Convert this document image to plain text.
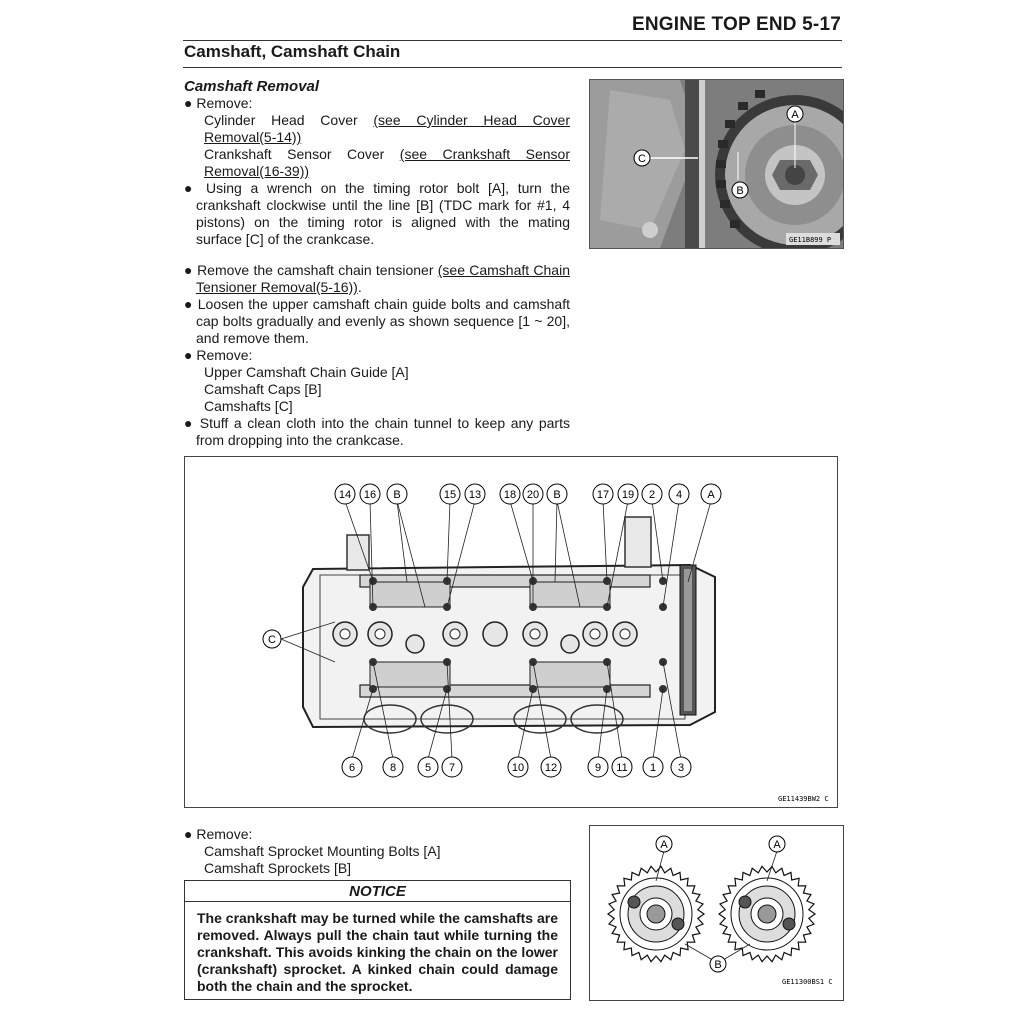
ENGINE TOP END 5-17
Camshaft, Camshaft Chain
Camshaft Removal

● Remove:

Cylinder Head Cover (see Cylinder Head Cover Removal(5-14))

Crankshaft Sensor Cover (see Crankshaft Sensor Removal(16-39))

● Using a wrench on the timing rotor bolt [A], turn the crankshaft clockwise until the line [B] (TDC mark for #1, 4 pistons) on the timing rotor is aligned with the mating surface [C] of the crankcase.

● Remove the camshaft chain tensioner (see Camshaft Chain Tensioner Removal(5-16)).

● Loosen the upper camshaft chain guide bolts and camshaft cap bolts gradually and evenly as shown sequence [1 ~ 20], and remove them.

● Remove:

Upper Camshaft Chain Guide [A]

Camshaft Caps [B]

Camshafts [C]

● Stuff a clean cloth into the chain tunnel to keep any parts from dropping into the crankcase.

A
B
C
GE11B899 P
14 16 B	15 13 18 20 B	17 19 2 4 A
6	8	5 7	10 12	9 11 1 3
C
GE11439BW2 C

● Remove:

Camshaft Sprocket Mounting Bolts [A]

Camshaft Sprockets [B]

NOTICE
The crankshaft may be turned while the camshafts are removed. Always pull the chain taut while turning the crankshaft. This avoids kinking the chain on the lower (crankshaft) sprocket. A kinked chain could damage both the chain and the sprocket.
A	A
B
GE11300BS1 C
